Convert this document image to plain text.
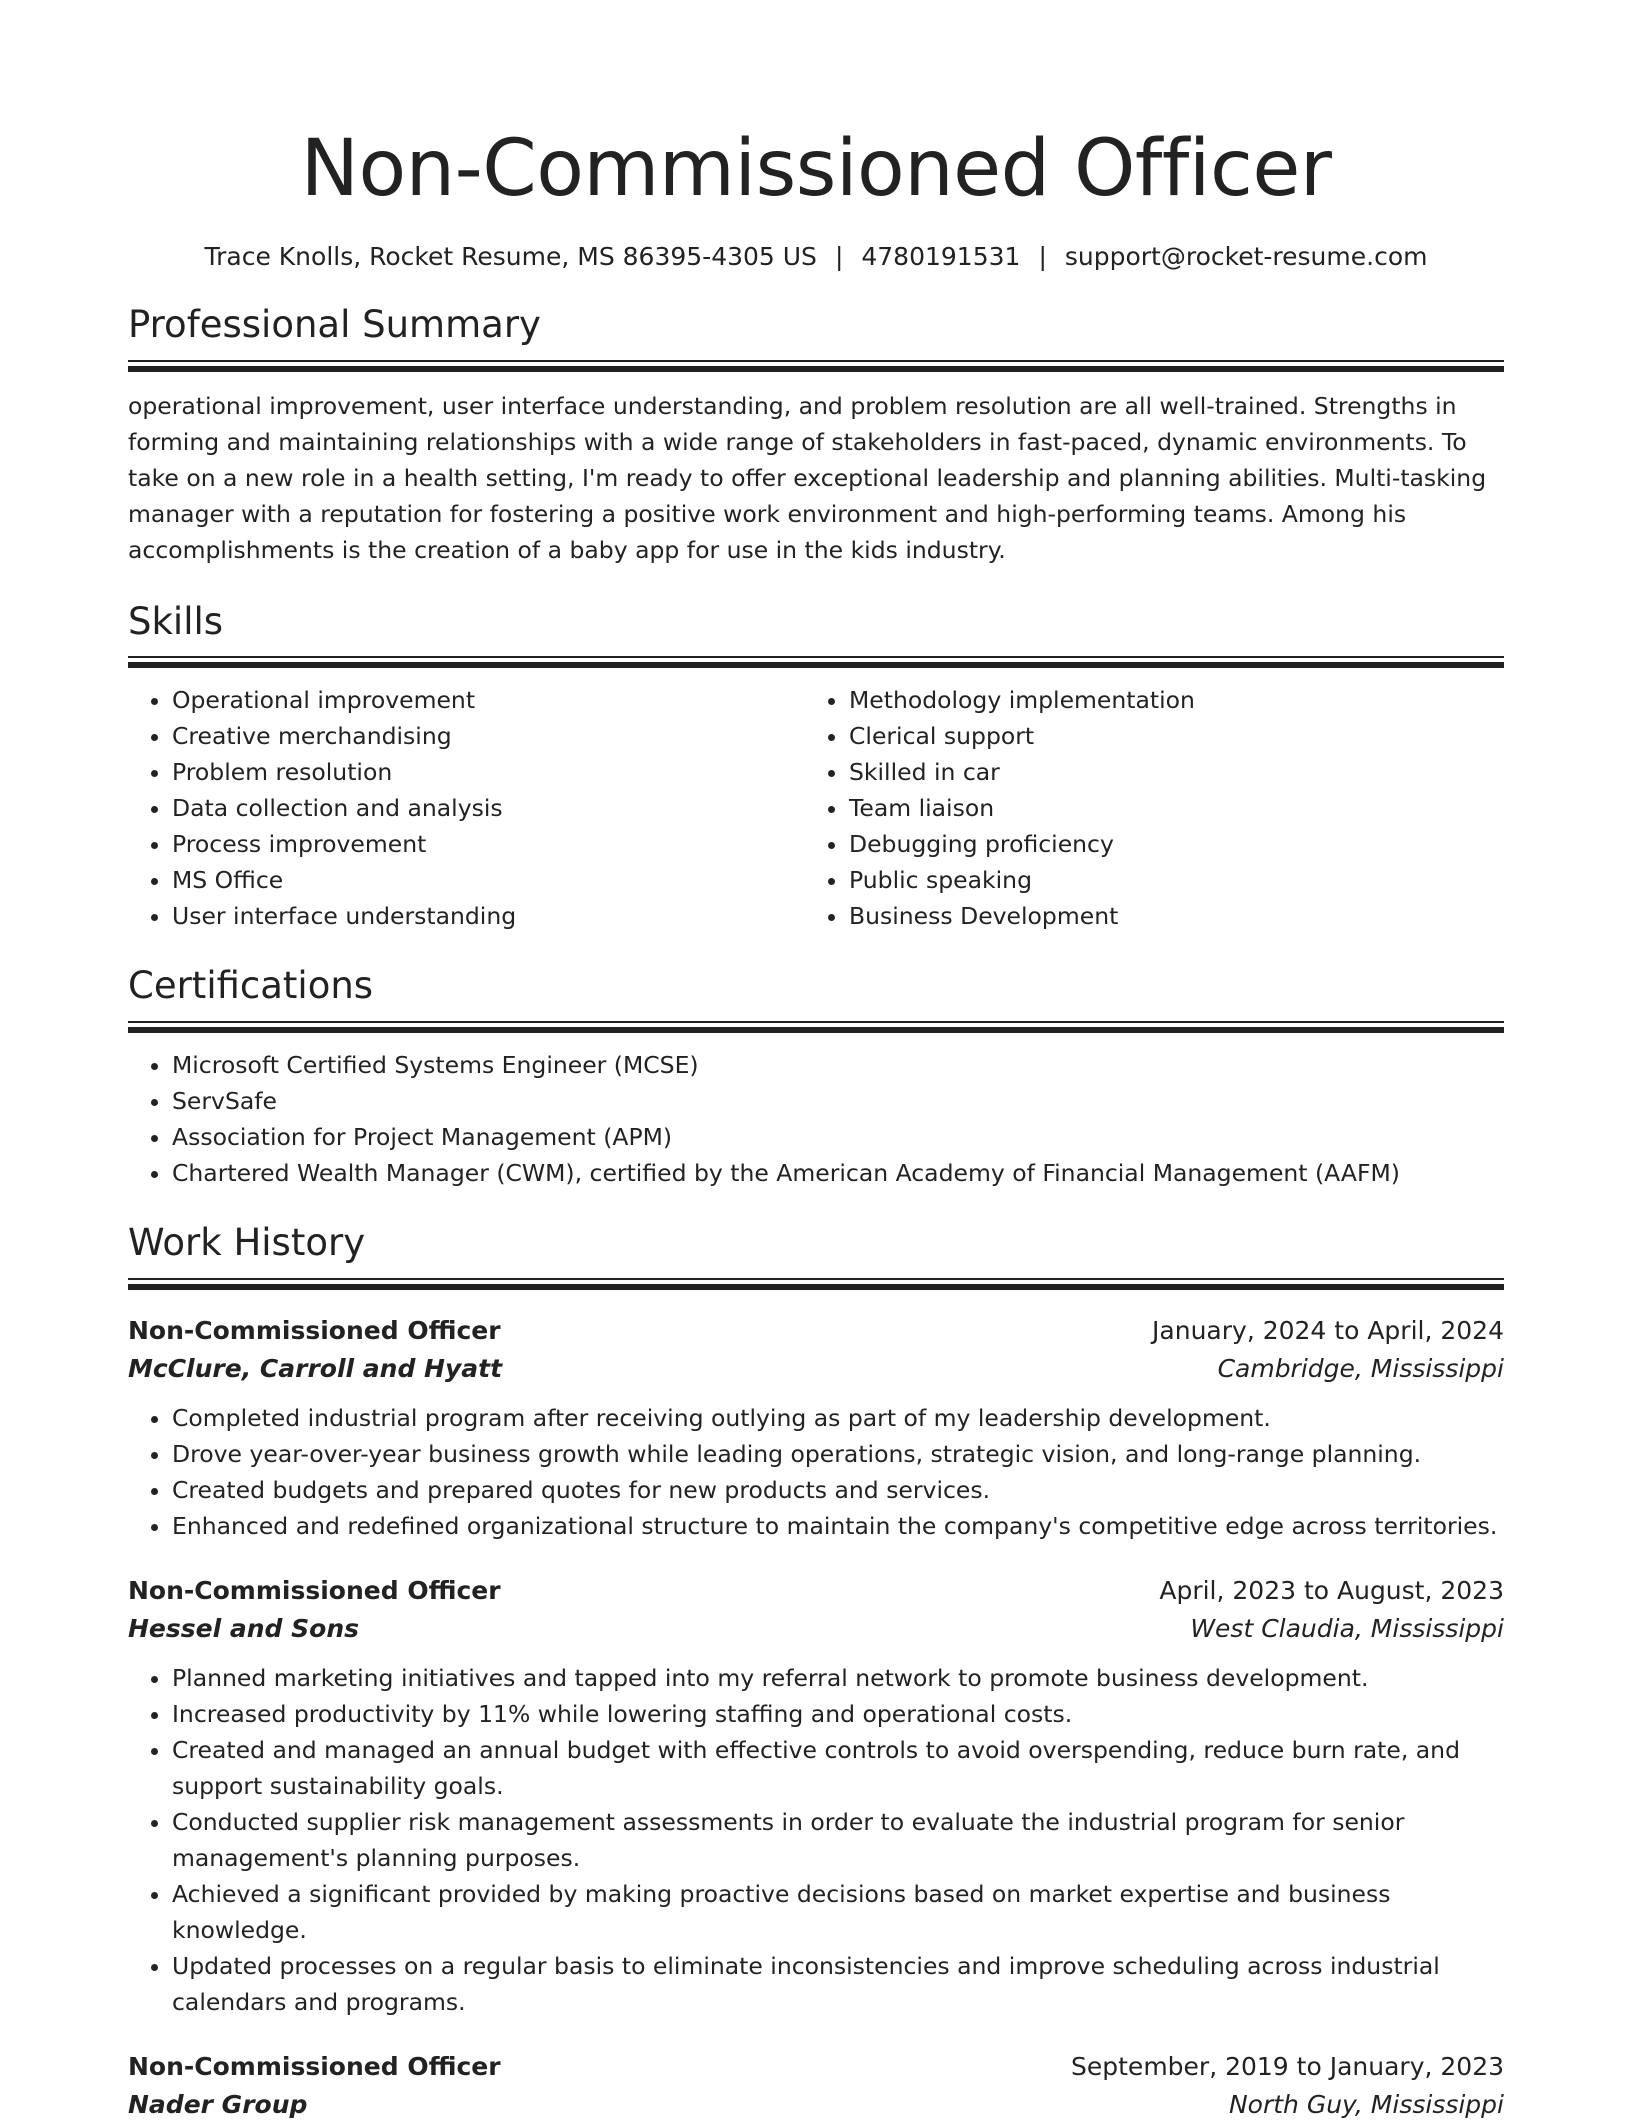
Non-Commissioned Officer
Trace Knolls, Rocket Resume, MS 86395-4305 US | 4780191531 | support@rocket-resume.com
Professional Summary
operational improvement, user interface understanding, and problem resolution are all well-trained. Strengths in forming and maintaining relationships with a wide range of stakeholders in fast-paced, dynamic environments. To take on a new role in a health setting, I'm ready to offer exceptional leadership and planning abilities. Multi-tasking manager with a reputation for fostering a positive work environment and high-performing teams. Among his accomplishments is the creation of a baby app for use in the kids industry.
Skills
• Operational improvement
• Creative merchandising
• Problem resolution
• Data collection and analysis
• Process improvement
• MS Office
• User interface understanding
• Methodology implementation
• Clerical support
• Skilled in car
• Team liaison
• Debugging proficiency
• Public speaking
• Business Development
Certifications
• Microsoft Certified Systems Engineer (MCSE)
• ServSafe
• Association for Project Management (APM)
• Chartered Wealth Manager (CWM), certified by the American Academy of Financial Management (AAFM)
Work History
Non-Commissioned Officer	January, 2024 to April, 2024
McClure, Carroll and Hyatt	Cambridge, Mississippi
• Completed industrial program after receiving outlying as part of my leadership development.
• Drove year-over-year business growth while leading operations, strategic vision, and long-range planning.
• Created budgets and prepared quotes for new products and services.
• Enhanced and redefined organizational structure to maintain the company's competitive edge across territories.
Non-Commissioned Officer	April, 2023 to August, 2023
Hessel and Sons	West Claudia, Mississippi
• Planned marketing initiatives and tapped into my referral network to promote business development.
• Increased productivity by 11% while lowering staffing and operational costs.
• Created and managed an annual budget with effective controls to avoid overspending, reduce burn rate, and support sustainability goals.
• Conducted supplier risk management assessments in order to evaluate the industrial program for senior management's planning purposes.
• Achieved a significant provided by making proactive decisions based on market expertise and business knowledge.
• Updated processes on a regular basis to eliminate inconsistencies and improve scheduling across industrial calendars and programs.
Non-Commissioned Officer	September, 2019 to January, 2023
Nader Group	North Guy, Mississippi
